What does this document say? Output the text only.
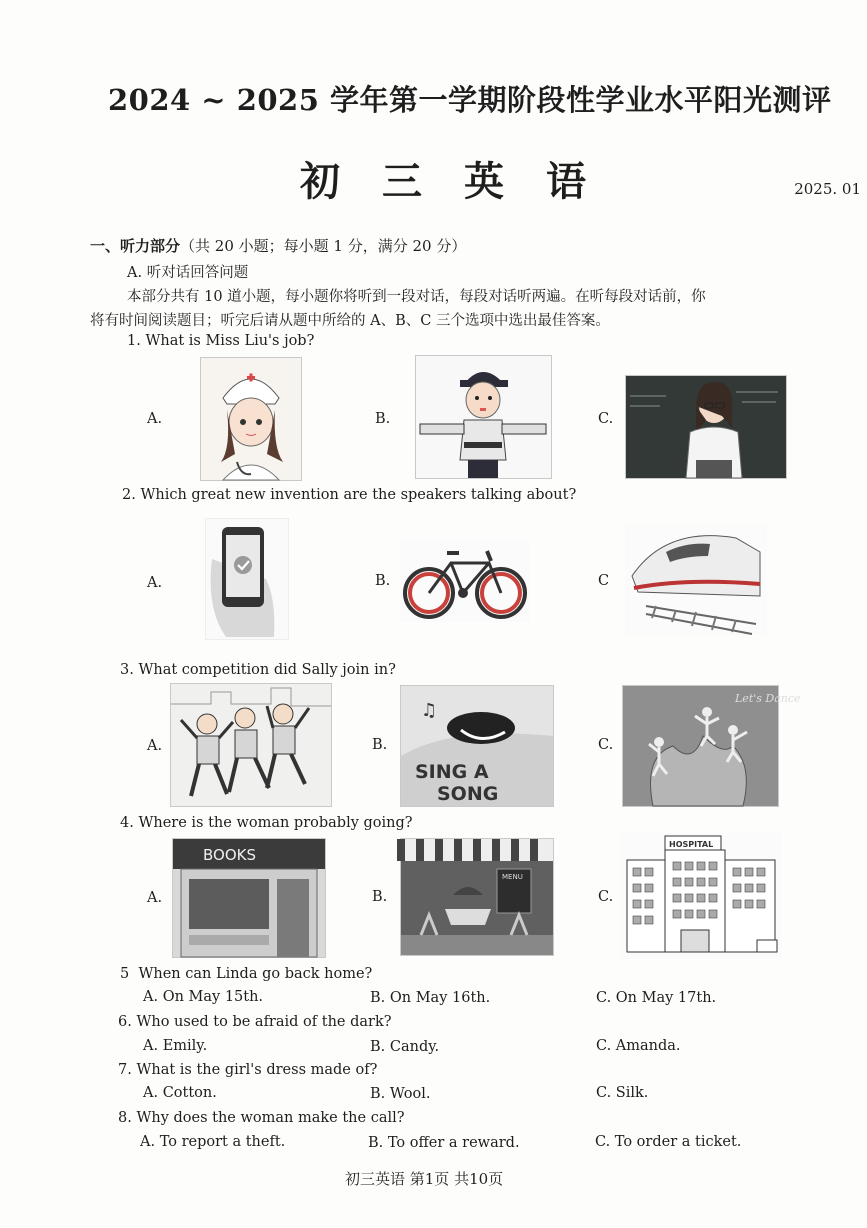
2024 ~ 2025 学年第一学期阶段性学业水平阳光测评
初三英语	2025. 01
一、听力部分（共 20 小题；每小题 1 分，满分 20 分）
A. 听对话回答问题
本部分共有 10 道小题，每小题你将听到一段对话，每段对话听两遍。在听每段对话前，你
将有时间阅读题目；听完后请从题中所给的 A、B、C 三个选项中选出最佳答案。
1. What is Miss Liu's job?
A.	B.	C.
2. Which great new invention are the speakers talking about?
A.	B.	C
3. What competition did Sally join in?
A.	B.	C.
♫
SING A
SONG
Let's Dance
4. Where is the woman probably going?
A.	B.	C.
BOOKS
MENU
HOSPITAL
5 When can Linda go back home?
A. On May 15th.	B. On May 16th.	C. On May 17th.
6. Who used to be afraid of the dark?
A. Emily.	B. Candy.	C. Amanda.
7. What is the girl's dress made of?
A. Cotton.	B. Wool.	C. Silk.
8. Why does the woman make the call?
A. To report a theft.	B. To offer a reward.	C. To order a ticket.
初三英语 第1页 共10页
